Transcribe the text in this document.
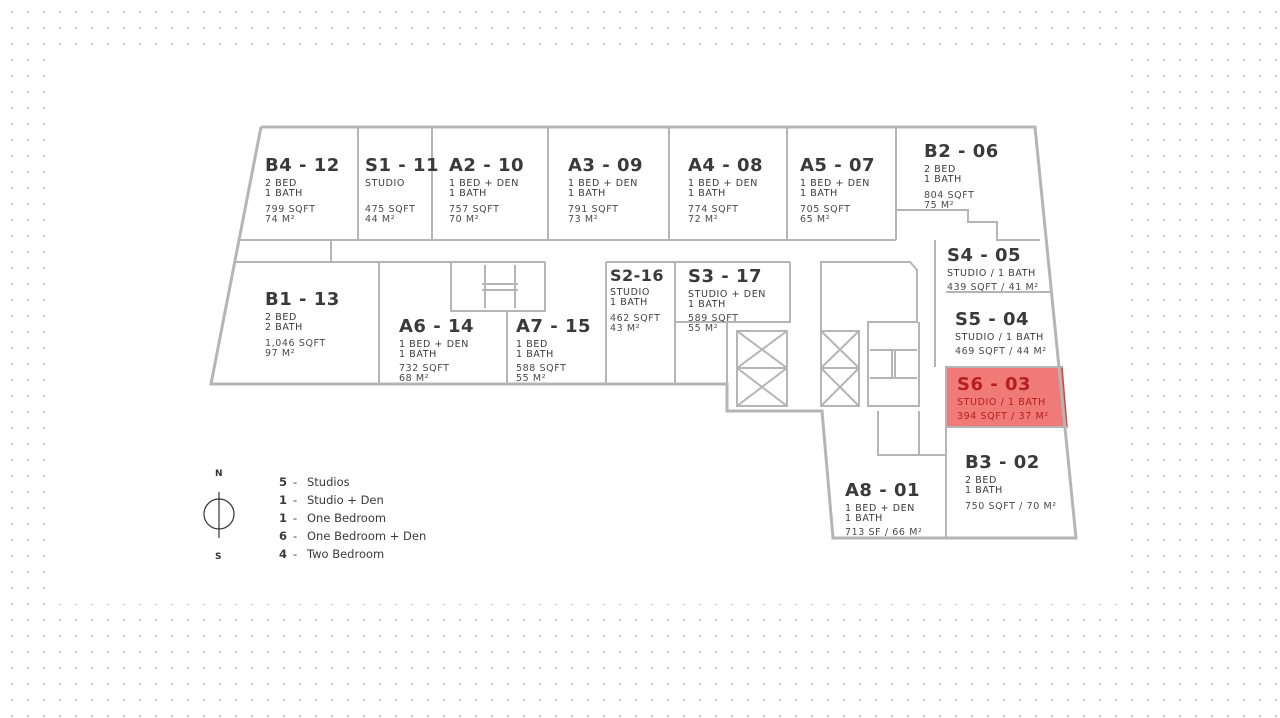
B4 - 12
2 BED
1 BATH
799 SQFT
74 M²
S1 - 11
STUDIO

475 SQFT
44 M²
A2 - 10
1 BED + DEN
1 BATH
757 SQFT
70 M²
A3 - 09
1 BED + DEN
1 BATH
791 SQFT
73 M²
A4 - 08
1 BED + DEN
1 BATH
774 SQFT
72 M²
A5 - 07
1 BED + DEN
1 BATH
705 SQFT
65 M²
B2 - 06
2 BED
1 BATH
804 SQFT
75 M²
B1 - 13
2 BED
2 BATH
1,046 SQFT
97 M²
A6 - 14
1 BED + DEN
1 BATH
732 SQFT
68 M²
A7 - 15
1 BED
1 BATH
588 SQFT
55 M²
S2-16
STUDIO
1 BATH
462 SQFT
43 M²
S3 - 17
STUDIO + DEN
1 BATH
589 SQFT
55 M²
S4 - 05
STUDIO / 1 BATH
439 SQFT / 41 M²
S5 - 04
STUDIO / 1 BATH
469 SQFT / 44 M²
S6 - 03
STUDIO / 1 BATH
394 SQFT / 37 M²
B3 - 02
2 BED
1 BATH
750 SQFT / 70 M²
A8 - 01
1 BED + DEN
1 BATH
713 SF / 66 M²
N
S
5 - Studios
1 - Studio + Den
1 - One Bedroom
6 - One Bedroom + Den
4 - Two Bedroom
